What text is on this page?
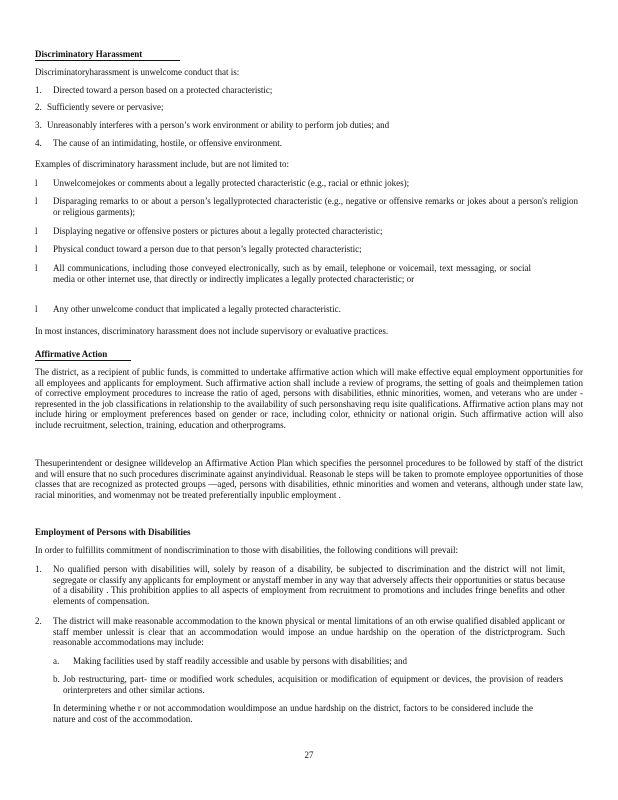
Discriminatory Harassment
Discriminatoryharassment is unwelcome conduct that is:
1. Directed toward a person based on a protected characteristic;
2. Sufficiently severe or pervasive;
3. Unreasonably interferes with a person’s work environment or ability to perform job duties; and
4. The cause of an intimidating, hostile, or offensive environment.
Examples of discriminatory harassment include, but are not limited to:
l Unwelcomejokes or comments about a legally protected characteristic (e.g., racial or ethnic jokes);
l Disparaging remarks to or about a person’s legallyprotected characteristic (e.g., negative or offensive remarks or jokes about a person's religion or religious garments);
l Displaying negative or offensive posters or pictures about a legally protected characteristic;
l Physical conduct toward a person due to that person’s legally protected characteristic;
l All communications, including those conveyed electronically, such as by email, telephone or voicemail, text messaging, or social media or other internet use, that directly or indirectly implicates a legally protected characteristic; or
l Any other unwelcome conduct that implicated a legally protected characteristic.
In most instances, discriminatory harassment does not include supervisory or evaluative practices.
Affirmative Action
The district, as a recipient of public funds, is committed to undertake affirmative action which will make effective equal employment opportunities for all employees and applicants for employment. Such affirmative action shall include a review of programs, the setting of goals and theimplemen tation of corrective employment procedures to increase the ratio of aged, persons with disabilities, ethnic minorities, women, and veterans who are under -represented in the job classifications in relationship to the availability of such personshaving requ isite qualifications. Affirmative action plans may not include hiring or employment preferences based on gender or race, including color, ethnicity or national origin. Such affirmative action will also include recruitment, selection, training, education and otherprograms.
Thesuperintendent or designee willdevelop an Affirmative Action Plan which specifies the personnel procedures to be followed by staff of the district and will ensure that no such procedures discriminate against anyindividual. Reasonab le steps will be taken to promote employee opportunities of those classes that are recognized as protected groups —aged, persons with disabilities, ethnic minorities and women and veterans, although under state law, racial minorities, and womenmay not be treated preferentially inpublic employment .
Employment of Persons with Disabilities
In order to fulfillits commitment of nondiscrimination to those with disabilities, the following conditions will prevail:
1. No qualified person with disabilities will, solely by reason of a disability, be subjected to discrimination and the district will not limit, segregate or classify any applicants for employment or anystaff member in any way that adversely affects their opportunities or status because of a disability . This prohibition applies to all aspects of employment from recruitment to promotions and includes fringe benefits and other elements of compensation.
2. The district will make reasonable accommodation to the known physical or mental limitations of an oth erwise qualified disabled applicant or staff member unlessit is clear that an accommodation would impose an undue hardship on the operation of the districtprogram. Such reasonable accommodations may include:
a. Making facilities used by staff readily accessible and usable by persons with disabilities; and
b. Job restructuring, part- time or modified work schedules, acquisition or modification of equipment or devices, the provision of readers orinterpreters and other similar actions.
In determining whethe r or not accommodation wouldimpose an undue hardship on the district, factors to be considered include the nature and cost of the accommodation.
27
